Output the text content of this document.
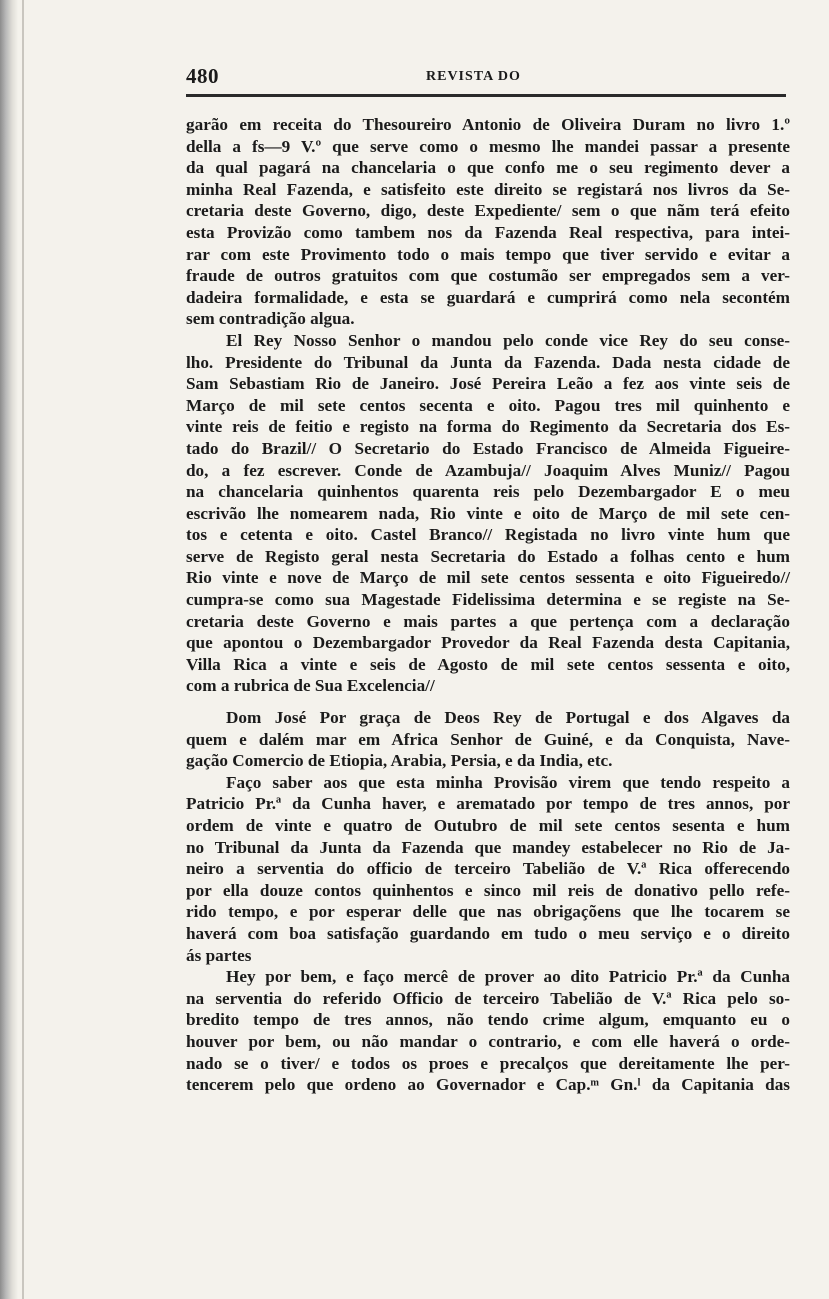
480	REVISTA DO
garão em receita do Thesoureiro Antonio de Oliveira Duram no livro 1.º
della a fs—9 V.º que serve como o mesmo lhe mandei passar a presente
da qual pagará na chancelaria o que confo me o seu regimento dever a
minha Real Fazenda, e satisfeito este direito se registará nos livros da Se-
cretaria deste Governo, digo, deste Expediente/ sem o que nãm terá efeito
esta Provizão como tambem nos da Fazenda Real respectiva, para intei-
rar com este Provimento todo o mais tempo que tiver servido e evitar a
fraude de outros gratuitos com que costumão ser empregados sem a ver-
dadeira formalidade, e esta se guardará e cumprirá como nela secontém
sem contradição algua.
El Rey Nosso Senhor o mandou pelo conde vice Rey do seu conse-
lho. Presidente do Tribunal da Junta da Fazenda. Dada nesta cidade de
Sam Sebastiam Rio de Janeiro. José Pereira Leão a fez aos vinte seis de
Março de mil sete centos secenta e oito. Pagou tres mil quinhento e
vinte reis de feitio e registo na forma do Regimento da Secretaria dos Es-
tado do Brazil// O Secretario do Estado Francisco de Almeida Figueire-
do, a fez escrever. Conde de Azambuja// Joaquim Alves Muniz// Pagou
na chancelaria quinhentos quarenta reis pelo Dezembargador E o meu
escrivão lhe nomearem nada, Rio vinte e oito de Março de mil sete cen-
tos e cetenta e oito. Castel Branco// Registada no livro vinte hum que
serve de Registo geral nesta Secretaria do Estado a folhas cento e hum
Rio vinte e nove de Março de mil sete centos sessenta e oito Figueiredo//
cumpra-se como sua Magestade Fidelissima determina e se registe na Se-
cretaria deste Governo e mais partes a que pertença com a declaração
que apontou o Dezembargador Provedor da Real Fazenda desta Capitania,
Villa Rica a vinte e seis de Agosto de mil sete centos sessenta e oito,
com a rubrica de Sua Excelencia//
Dom José Por graça de Deos Rey de Portugal e dos Algaves da
quem e dalém mar em Africa Senhor de Guiné, e da Conquista, Nave-
gação Comercio de Etiopia, Arabia, Persia, e da India, etc.
Faço saber aos que esta minha Provisão virem que tendo respeito a
Patricio Pr.ª da Cunha haver, e arematado por tempo de tres annos, por
ordem de vinte e quatro de Outubro de mil sete centos sesenta e hum
no Tribunal da Junta da Fazenda que mandey estabelecer no Rio de Ja-
neiro a serventia do officio de terceiro Tabelião de V.ª Rica offerecendo
por ella douze contos quinhentos e sinco mil reis de donativo pello refe-
rido tempo, e por esperar delle que nas obrigaçõens que lhe tocarem se
haverá com boa satisfação guardando em tudo o meu serviço e o direito
ás partes
Hey por bem, e faço mercê de prover ao dito Patricio Pr.ª da Cunha
na serventia do referido Officio de terceiro Tabelião de V.ª Rica pelo so-
bredito tempo de tres annos, não tendo crime algum, emquanto eu o
houver por bem, ou não mandar o contrario, e com elle haverá o orde-
nado se o tiver/ e todos os proes e precalços que dereitamente lhe per-
tencerem pelo que ordeno ao Governador e Cap.ᵐ Gn.ˡ da Capitania das
